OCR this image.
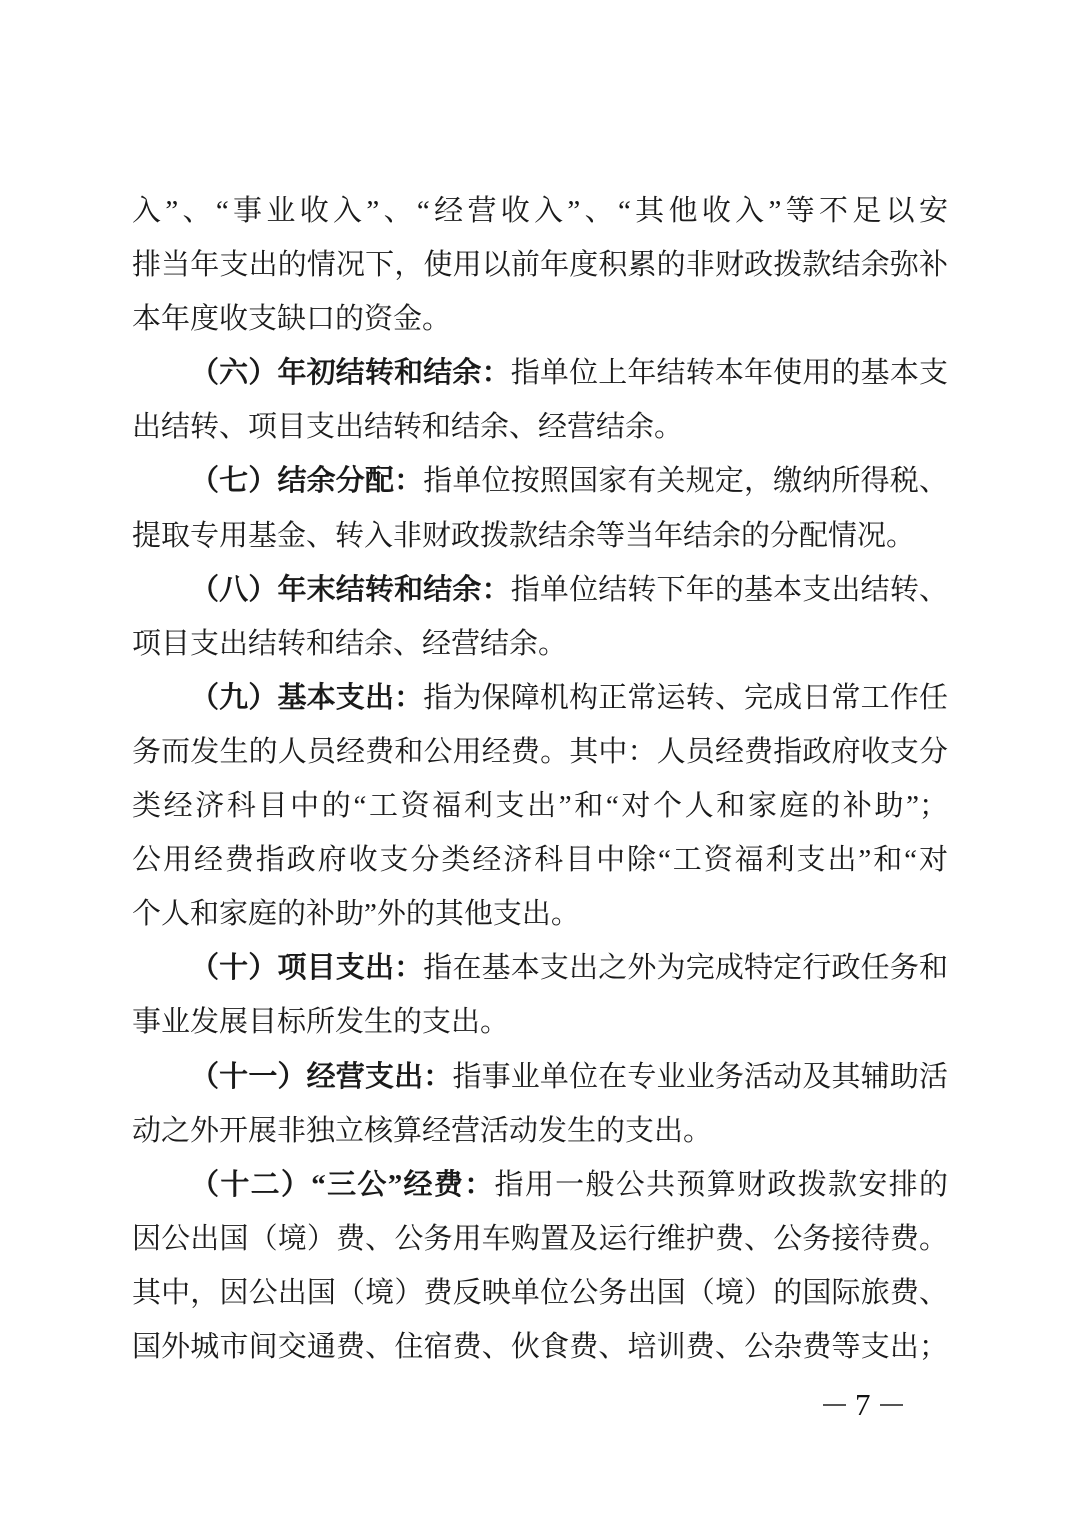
入”、“事业收入”、“经营收入”、“其他收入”等不足以安
排当年支出的情况下，使用以前年度积累的非财政拨款结余弥补
本年度收支缺口的资金。
（六）年初结转和结余：指单位上年结转本年使用的基本支
出结转、项目支出结转和结余、经营结余。
（七）结余分配：指单位按照国家有关规定，缴纳所得税、
提取专用基金、转入非财政拨款结余等当年结余的分配情况。
（八）年末结转和结余：指单位结转下年的基本支出结转、
项目支出结转和结余、经营结余。
（九）基本支出：指为保障机构正常运转、完成日常工作任
务而发生的人员经费和公用经费。其中：人员经费指政府收支分
类经济科目中的“工资福利支出”和“对个人和家庭的补助”；
公用经费指政府收支分类经济科目中除“工资福利支出”和“对
个人和家庭的补助”外的其他支出。
（十）项目支出：指在基本支出之外为完成特定行政任务和
事业发展目标所发生的支出。
（十一）经营支出：指事业单位在专业业务活动及其辅助活
动之外开展非独立核算经营活动发生的支出。
（十二）“三公”经费：指用一般公共预算财政拨款安排的
因公出国（境）费、公务用车购置及运行维护费、公务接待费。
其中，因公出国（境）费反映单位公务出国（境）的国际旅费、
国外城市间交通费、住宿费、伙食费、培训费、公杂费等支出；
7
